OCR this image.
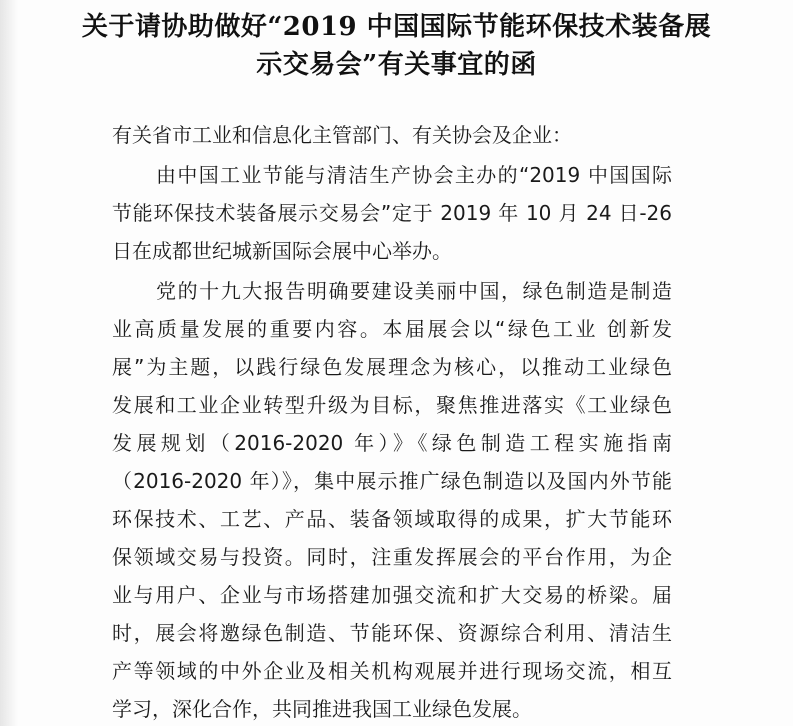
关于请协助做好“2019 中国国际节能环保技术装备展
示交易会”有关事宜的函
有关省市工业和信息化主管部门、有关协会及企业：
由中国工业节能与清洁生产协会主办的“2019 中国国际
节能环保技术装备展示交易会”定于 2019 年 10 月 24 日-26
日在成都世纪城新国际会展中心举办。
党的十九大报告明确要建设美丽中国，绿色制造是制造
业高质量发展的重要内容。本届展会以“绿色工业 创新发
展”为主题，以践行绿色发展理念为核心，以推动工业绿色
发展和工业企业转型升级为目标，聚焦推进落实《工业绿色
发展规划（2016-2020 年）》《绿色制造工程实施指南
（2016-2020 年）》，集中展示推广绿色制造以及国内外节能
环保技术、工艺、产品、装备领域取得的成果，扩大节能环
保领域交易与投资。同时，注重发挥展会的平台作用，为企
业与用户、企业与市场搭建加强交流和扩大交易的桥梁。届
时，展会将邀绿色制造、节能环保、资源综合利用、清洁生
产等领域的中外企业及相关机构观展并进行现场交流，相互
学习，深化合作，共同推进我国工业绿色发展。
